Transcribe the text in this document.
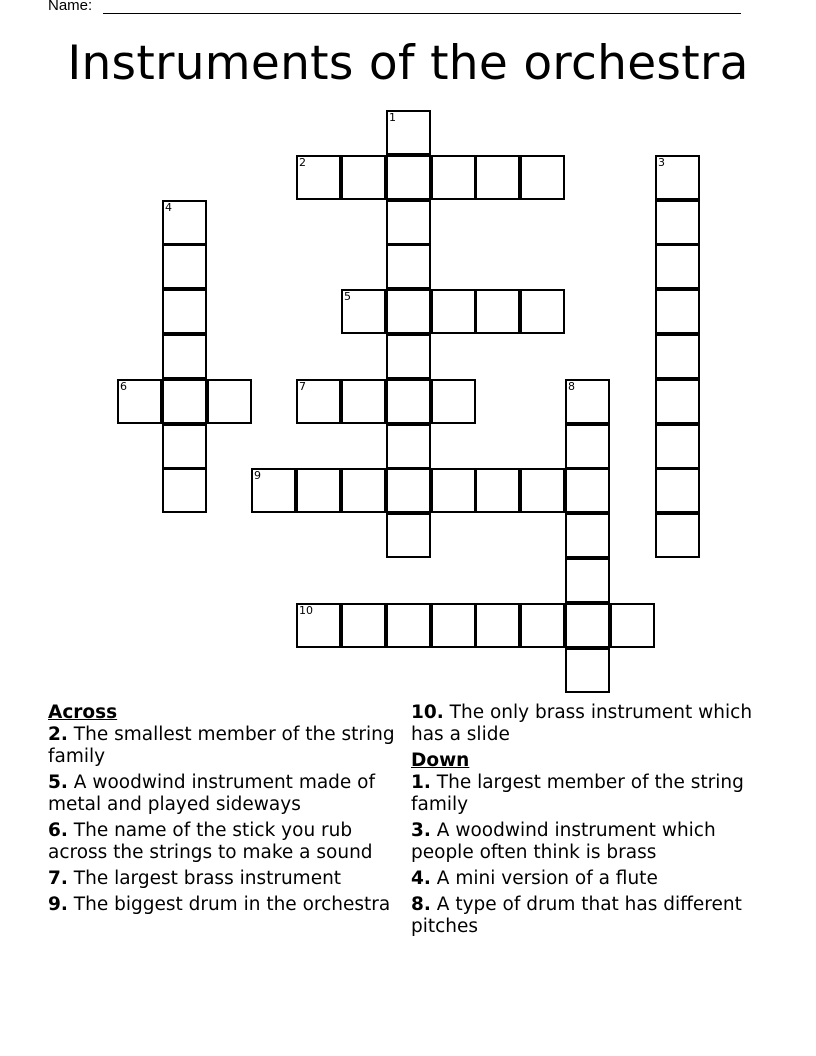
Name:
Instruments of the orchestra
1
2	3
4
5
6	7	8
9
10
Across
2. The smallest member of the string family
5. A woodwind instrument made of metal and played sideways
6. The name of the stick you rub across the strings to make a sound
7. The largest brass instrument
9. The biggest drum in the orchestra
10. The only brass instrument which has a slide
Down
1. The largest member of the string family
3. A woodwind instrument which people often think is brass
4. A mini version of a flute
8. A type of drum that has different pitches
